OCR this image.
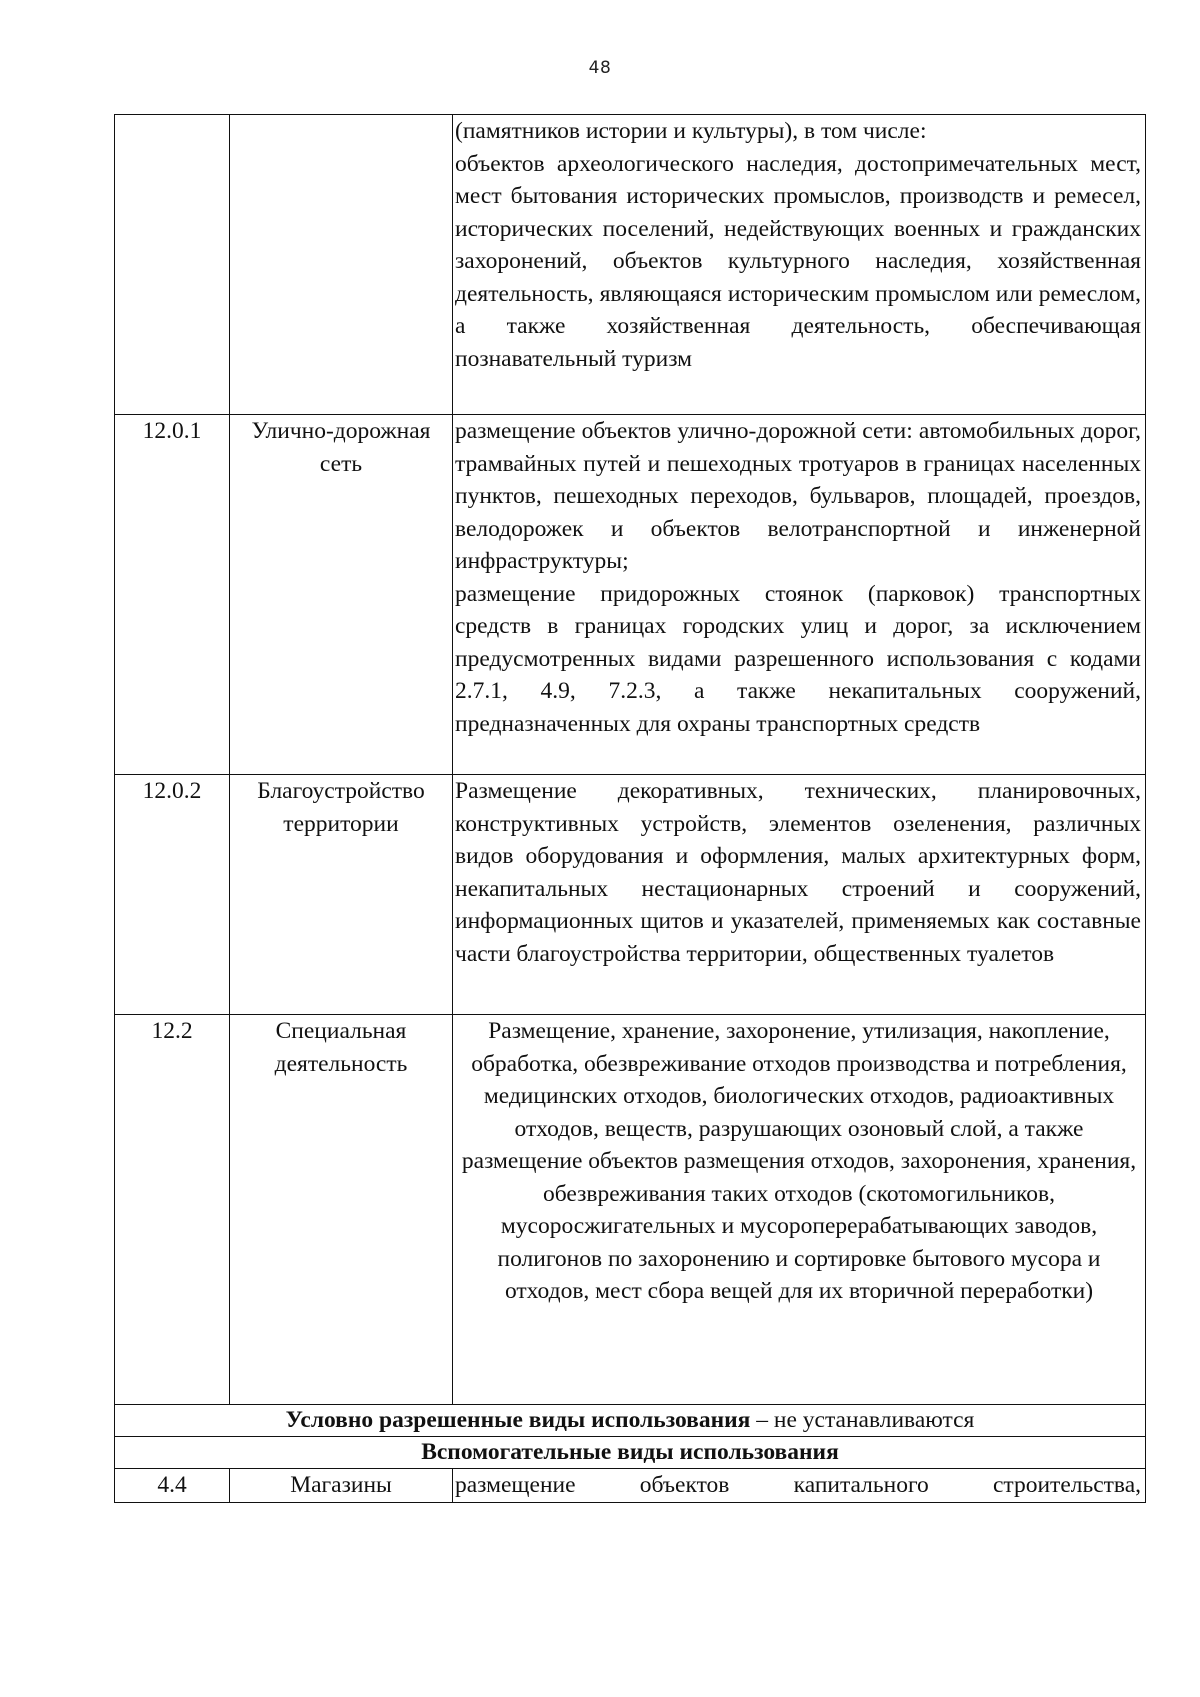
48

		(памятников истории и культуры), в том числе:
объектов археологического наследия, достопримечательных мест, мест бытования исторических промыслов, производств и ремесел, исторических поселений, недействующих военных и гражданских захоронений, объектов культурного наследия, хозяйственная деятельность, являющаяся историческим промыслом или ремеслом, а также хозяйственная деятельность, обеспечивающая познавательный туризм

12.0.1	Улично-дорожная сеть	размещение объектов улично-дорожной сети: автомобильных дорог, трамвайных путей и пешеходных тротуаров в границах населенных пунктов, пешеходных переходов, бульваров, площадей, проездов, велодорожек и объектов велотранспортной и инженерной инфраструктуры;
размещение придорожных стоянок (парковок) транспортных средств в границах городских улиц и дорог, за исключением предусмотренных видами разрешенного использования с кодами 2.7.1, 4.9, 7.2.3, а также некапитальных сооружений, предназначенных для охраны транспортных средств

12.0.2	Благоустройство территории	Размещение декоративных, технических, планировочных, конструктивных устройств, элементов озеленения, различных видов оборудования и оформления, малых архитектурных форм, некапитальных нестационарных строений и сооружений, информационных щитов и указателей, применяемых как составные части благоустройства территории, общественных туалетов

12.2	Специальная деятельность	Размещение, хранение, захоронение, утилизация, накопление, обработка, обезвреживание отходов производства и потребления, медицинских отходов, биологических отходов, радиоактивных отходов, веществ, разрушающих озоновый слой, а также размещение объектов размещения отходов, захоронения, хранения, обезвреживания таких отходов (скотомогильников, мусоросжигательных и мусороперерабатывающих заводов, полигонов по захоронению и сортировке бытового мусора и отходов, мест сбора вещей для их вторичной переработки)

Условно разрешенные виды использования – не устанавливаются		
Вспомогательные виды использования		
4.4	Магазины	размещение объектов капитального строительства,
